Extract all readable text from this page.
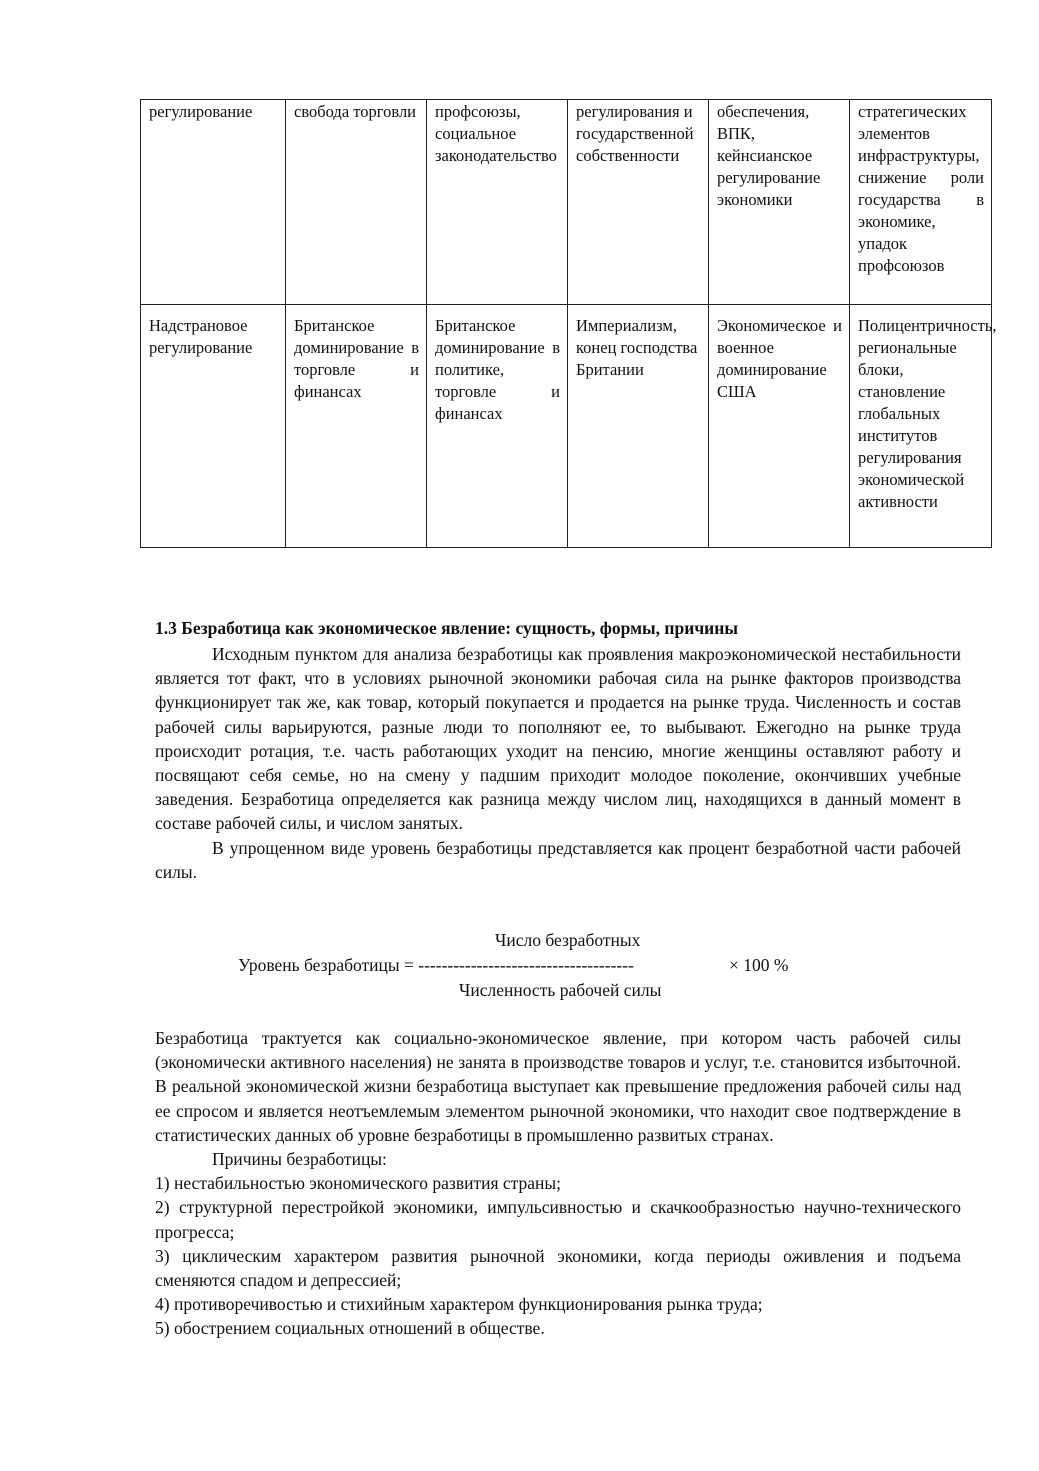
регулирование	свобода торговли	профсоюзы, социальное законодательство	регулирования и государственной собственности	обеспечения, ВПК, кейнсианское регулирование экономики	стратегических элементов инфраструктуры, снижение роли государства в экономике, упадок профсоюзов
Надстрановое регулирование	Британское доминирование в торговле и финансах	Британское доминирование в политике, торговле и финансах	Империализм, конец господства Британии	Экономическое и военное доминирование США	Полицентричность, региональные блоки, становление глобальных институтов регулирования экономической активности
1.3 Безработица как экономическое явление: сущность, формы, причины

Исходным пунктом для анализа безработицы как проявления макроэкономической нестабильности является тот факт, что в условиях рыночной экономики рабочая сила на рынке факторов производства функционирует так же, как товар, который покупается и продается на рынке труда. Численность и состав рабочей силы варьируются, разные люди то пополняют ее, то выбывают. Ежегодно на рынке труда происходит ротация, т.е. часть работающих уходит на пенсию, многие женщины оставляют работу и посвящают себя семье, но на смену у падшим приходит молодое поколение, окончивших учебные заведения. Безработица определяется как разница между числом лиц, находящихся в данный момент в составе рабочей силы, и числом занятых.

В упрощенном виде уровень безработицы представляется как процент безработной части рабочей силы.

Число безработных
Уровень безработицы = -------------------------------------	× 100 %
Численность рабочей силы

Безработица трактуется как социально-экономическое явление, при котором часть рабочей силы (экономически активного населения) не занята в производстве товаров и услуг, т.е. становится избыточной. В реальной экономической жизни безработица выступает как превышение предложения рабочей силы над ее спросом и является неотъемлемым элементом рыночной экономики, что находит свое подтверждение в статистических данных об уровне безработицы в промышленно развитых странах.

Причины безработицы:

1) нестабильностью экономического развития страны;

2) структурной перестройкой экономики, импульсивностью и скачкообразностью научно-технического прогресса;

3) циклическим характером развития рыночной экономики, когда периоды оживления и подъема сменяются спадом и депрессией;

4) противоречивостью и стихийным характером функционирования рынка труда;

5) обострением социальных отношений в обществе.
